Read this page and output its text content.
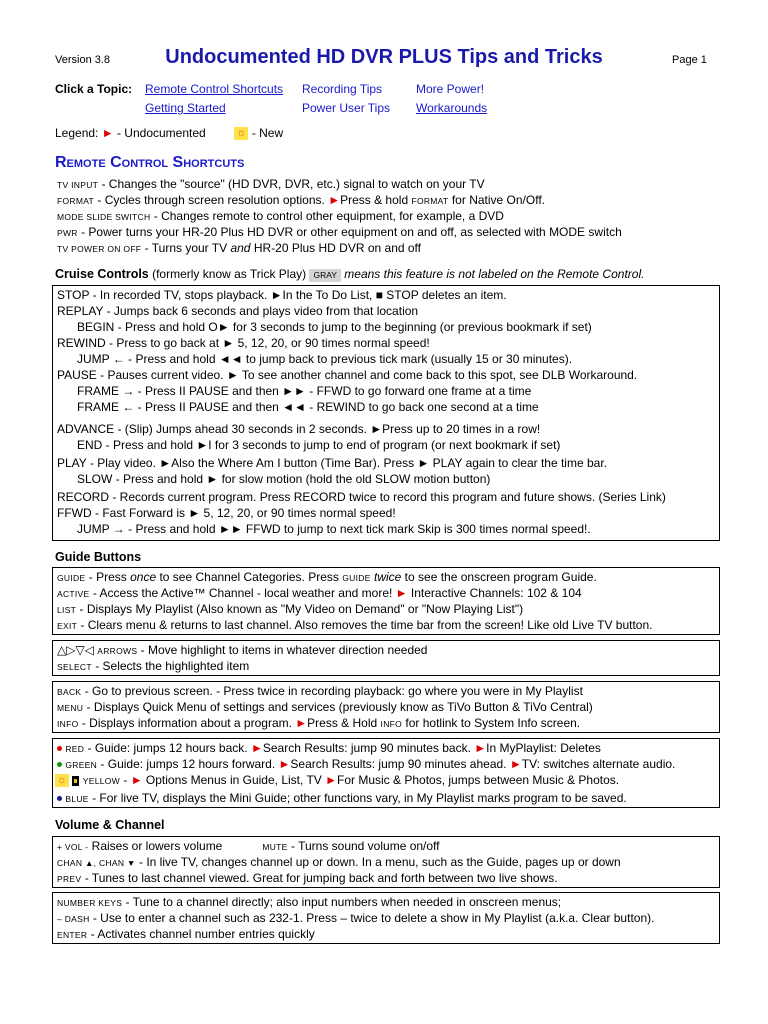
Version 3.8	Undocumented HD DVR PLUS Tips and Tricks	Page 1
Click a Topic: Remote Control Shortcuts Recording Tips	More Power!
Getting Started	Power User Tips Workarounds
Legend: ► - Undocumented	☼ - New
Remote Control Shortcuts
TV INPUT - Changes the "source" (HD DVR, DVR, etc.) signal to watch on your TV
FORMAT - Cycles through screen resolution options. ►Press & hold FORMAT for Native On/Off.
MODE SLIDE SWITCH - Changes remote to control other equipment, for example, a DVD
PWR - Power turns your HR-20 Plus HD DVR or other equipment on and off, as selected with MODE switch
TV POWER ON OFF - Turns your TV and HR-20 Plus HD DVR on and off
Cruise Controls (formerly know as Trick Play) GRAY means this feature is not labeled on the Remote Control.
STOP - In recorded TV, stops playback. ►In the To Do List, ■ STOP deletes an item.
REPLAY - Jumps back 6 seconds and plays video from that location
BEGIN - Press and hold O► for 3 seconds to jump to the beginning (or previous bookmark if set)
REWIND - Press to go back at ► 5, 12, 20, or 90 times normal speed!
JUMP ← - Press and hold ◄◄ to jump back to previous tick mark (usually 15 or 30 minutes).
PAUSE - Pauses current video. ► To see another channel and come back to this spot, see DLB Workaround.
FRAME → - Press II PAUSE and then ►► - FFWD to go forward one frame at a time
FRAME ← - Press II PAUSE and then ◄◄ - REWIND to go back one second at a time
ADVANCE - (Slip) Jumps ahead 30 seconds in 2 seconds. ►Press up to 20 times in a row!
END - Press and hold ►I for 3 seconds to jump to end of program (or next bookmark if set)
PLAY - Play video. ►Also the Where Am I button (Time Bar). Press ► PLAY again to clear the time bar.
SLOW - Press and hold ► for slow motion (hold the old SLOW motion button)
RECORD - Records current program. Press RECORD twice to record this program and future shows. (Series Link)
FFWD - Fast Forward is ► 5, 12, 20, or 90 times normal speed!
JUMP → - Press and hold ►► FFWD to jump to next tick mark Skip is 300 times normal speed!.
Guide Buttons
GUIDE - Press once to see Channel Categories. Press GUIDE twice to see the onscreen program Guide.
ACTIVE - Access the Active™ Channel - local weather and more! ► Interactive Channels: 102 & 104
LIST - Displays My Playlist (Also known as "My Video on Demand" or "Now Playing List")
EXIT - Clears menu & returns to last channel. Also removes the time bar from the screen! Like old Live TV button.
△▷▽◁ ARROWS - Move highlight to items in whatever direction needed
SELECT - Selects the highlighted item
BACK - Go to previous screen. - Press twice in recording playback: go where you were in My Playlist
MENU - Displays Quick Menu of settings and services (previously know as TiVo Button & TiVo Central)
INFO - Displays information about a program. ►Press & Hold INFO for hotlink to System Info screen.
RED - Guide: jumps 12 hours back. ►Search Results: jump 90 minutes back. ►In MyPlaylist: Deletes
GREEN - Guide: jumps 12 hours forward. ►Search Results: jump 90 minutes ahead. ►TV: switches alternate audio.
☼ YELLOW - ► Options Menus in Guide, List, TV ►For Music & Photos, jumps between Music & Photos.
BLUE - For live TV, displays the Mini Guide; other functions vary, in My Playlist marks program to be saved.
Volume & Channel
+ VOL - Raises or lowers volume	MUTE - Turns sound volume on/off
CHAN ▲, CHAN ▼ - In live TV, changes channel up or down. In a menu, such as the Guide, pages up or down
PREV - Tunes to last channel viewed. Great for jumping back and forth between two live shows.
NUMBER KEYS - Tune to a channel directly; also input numbers when needed in onscreen menus;
– DASH - Use to enter a channel such as 232-1. Press – twice to delete a show in My Playlist (a.k.a. Clear button).
ENTER - Activates channel number entries quickly
